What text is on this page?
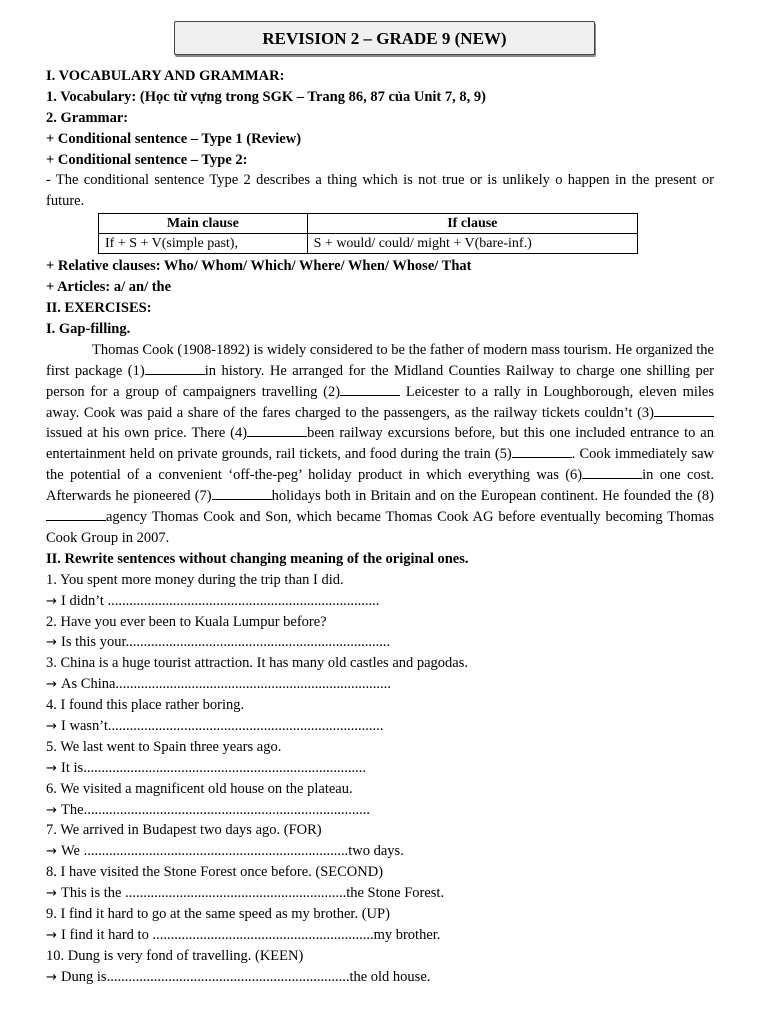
REVISION 2 – GRADE 9 (NEW)
I. VOCABULARY AND GRAMMAR:
1. Vocabulary: (Học từ vựng trong SGK – Trang 86, 87 của Unit 7, 8, 9)
2. Grammar:
+ Conditional sentence – Type 1 (Review)
+ Conditional sentence – Type 2:
- The conditional sentence Type 2 describes a thing which is not true or is unlikely o happen in the present or future.
Main clause	If clause
If + S + V(simple past),	S + would/ could/ might + V(bare-inf.)
+ Relative clauses: Who/ Whom/ Which/ Where/ When/ Whose/ That
+ Articles: a/ an/ the
II. EXERCISES:
I. Gap-filling.
Thomas Cook (1908-1892) is widely considered to be the father of modern mass tourism. He organized the first package (1)	in history. He arranged for the Midland Counties Railway to charge one shilling per person for a group of campaigners travelling (2)	Leicester to a rally in Loughborough, eleven miles away. Cook was paid a share of the fares charged to the passengers, as the railway tickets couldn’t (3)issued at his own price. There (4)	been railway excursions before, but this one included entrance to an entertainment held on private grounds, rail tickets, and food during the train (5)	. Cook immediately saw the potential of a convenient ‘off-the-peg’ holiday product in which everything was (6)	in one cost. Afterwards he pioneered (7)	holidays both in Britain and on the European continent. He founded the (8)agency Thomas Cook and Son, which became Thomas Cook AG before eventually becoming Thomas Cook Group in 2007.
II. Rewrite sentences without changing meaning of the original ones.
1. You spent more money during the trip than I did.
→ I didn’t ...........................................................................
2. Have you ever been to Kuala Lumpur before?
→ Is this your.........................................................................
3. China is a huge tourist attraction. It has many old castles and pagodas.
→ As China............................................................................
4. I found this place rather boring.
→ I wasn’t............................................................................
5. We last went to Spain three years ago.
→ It is..............................................................................
6. We visited a magnificent old house on the plateau.
→ The...............................................................................
7. We arrived in Budapest two days ago. (FOR)
→ We .........................................................................two days.
8. I have visited the Stone Forest once before. (SECOND)
→ This is the .............................................................the Stone Forest.
9. I find it hard to go at the same speed as my brother. (UP)
→ I find it hard to .............................................................my brother.
10. Dung is very fond of travelling. (KEEN)
→ Dung is...................................................................the old house.
